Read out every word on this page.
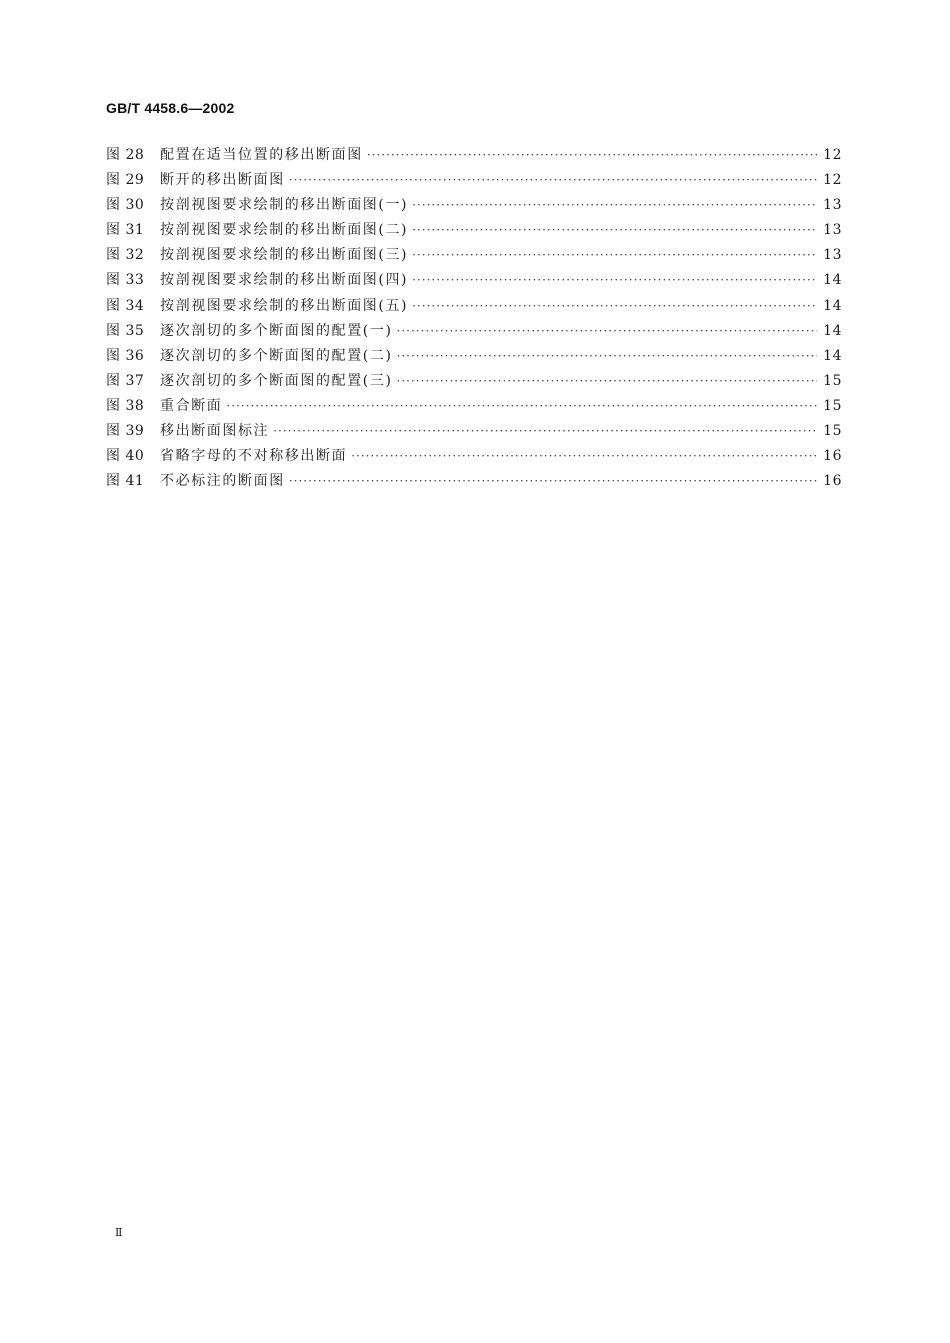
GB/T 4458.6—2002
图 28	配置在适当位置的移出断面图 ·····	12
图 29	断开的移出断面图 ·····	12
图 30	按剖视图要求绘制的移出断面图(一) ·····	13
图 31	按剖视图要求绘制的移出断面图(二) ·····	13
图 32	按剖视图要求绘制的移出断面图(三) ·····	13
图 33	按剖视图要求绘制的移出断面图(四) ·····	14
图 34	按剖视图要求绘制的移出断面图(五) ·····	14
图 35	逐次剖切的多个断面图的配置(一) ·····	14
图 36	逐次剖切的多个断面图的配置(二) ·····	14
图 37	逐次剖切的多个断面图的配置(三) ·····	15
图 38	重合断面 ·····	15
图 39	移出断面图标注 ·····	15
图 40	省略字母的不对称移出断面 ·····	16
图 41	不必标注的断面图 ·····	16
Ⅱ
